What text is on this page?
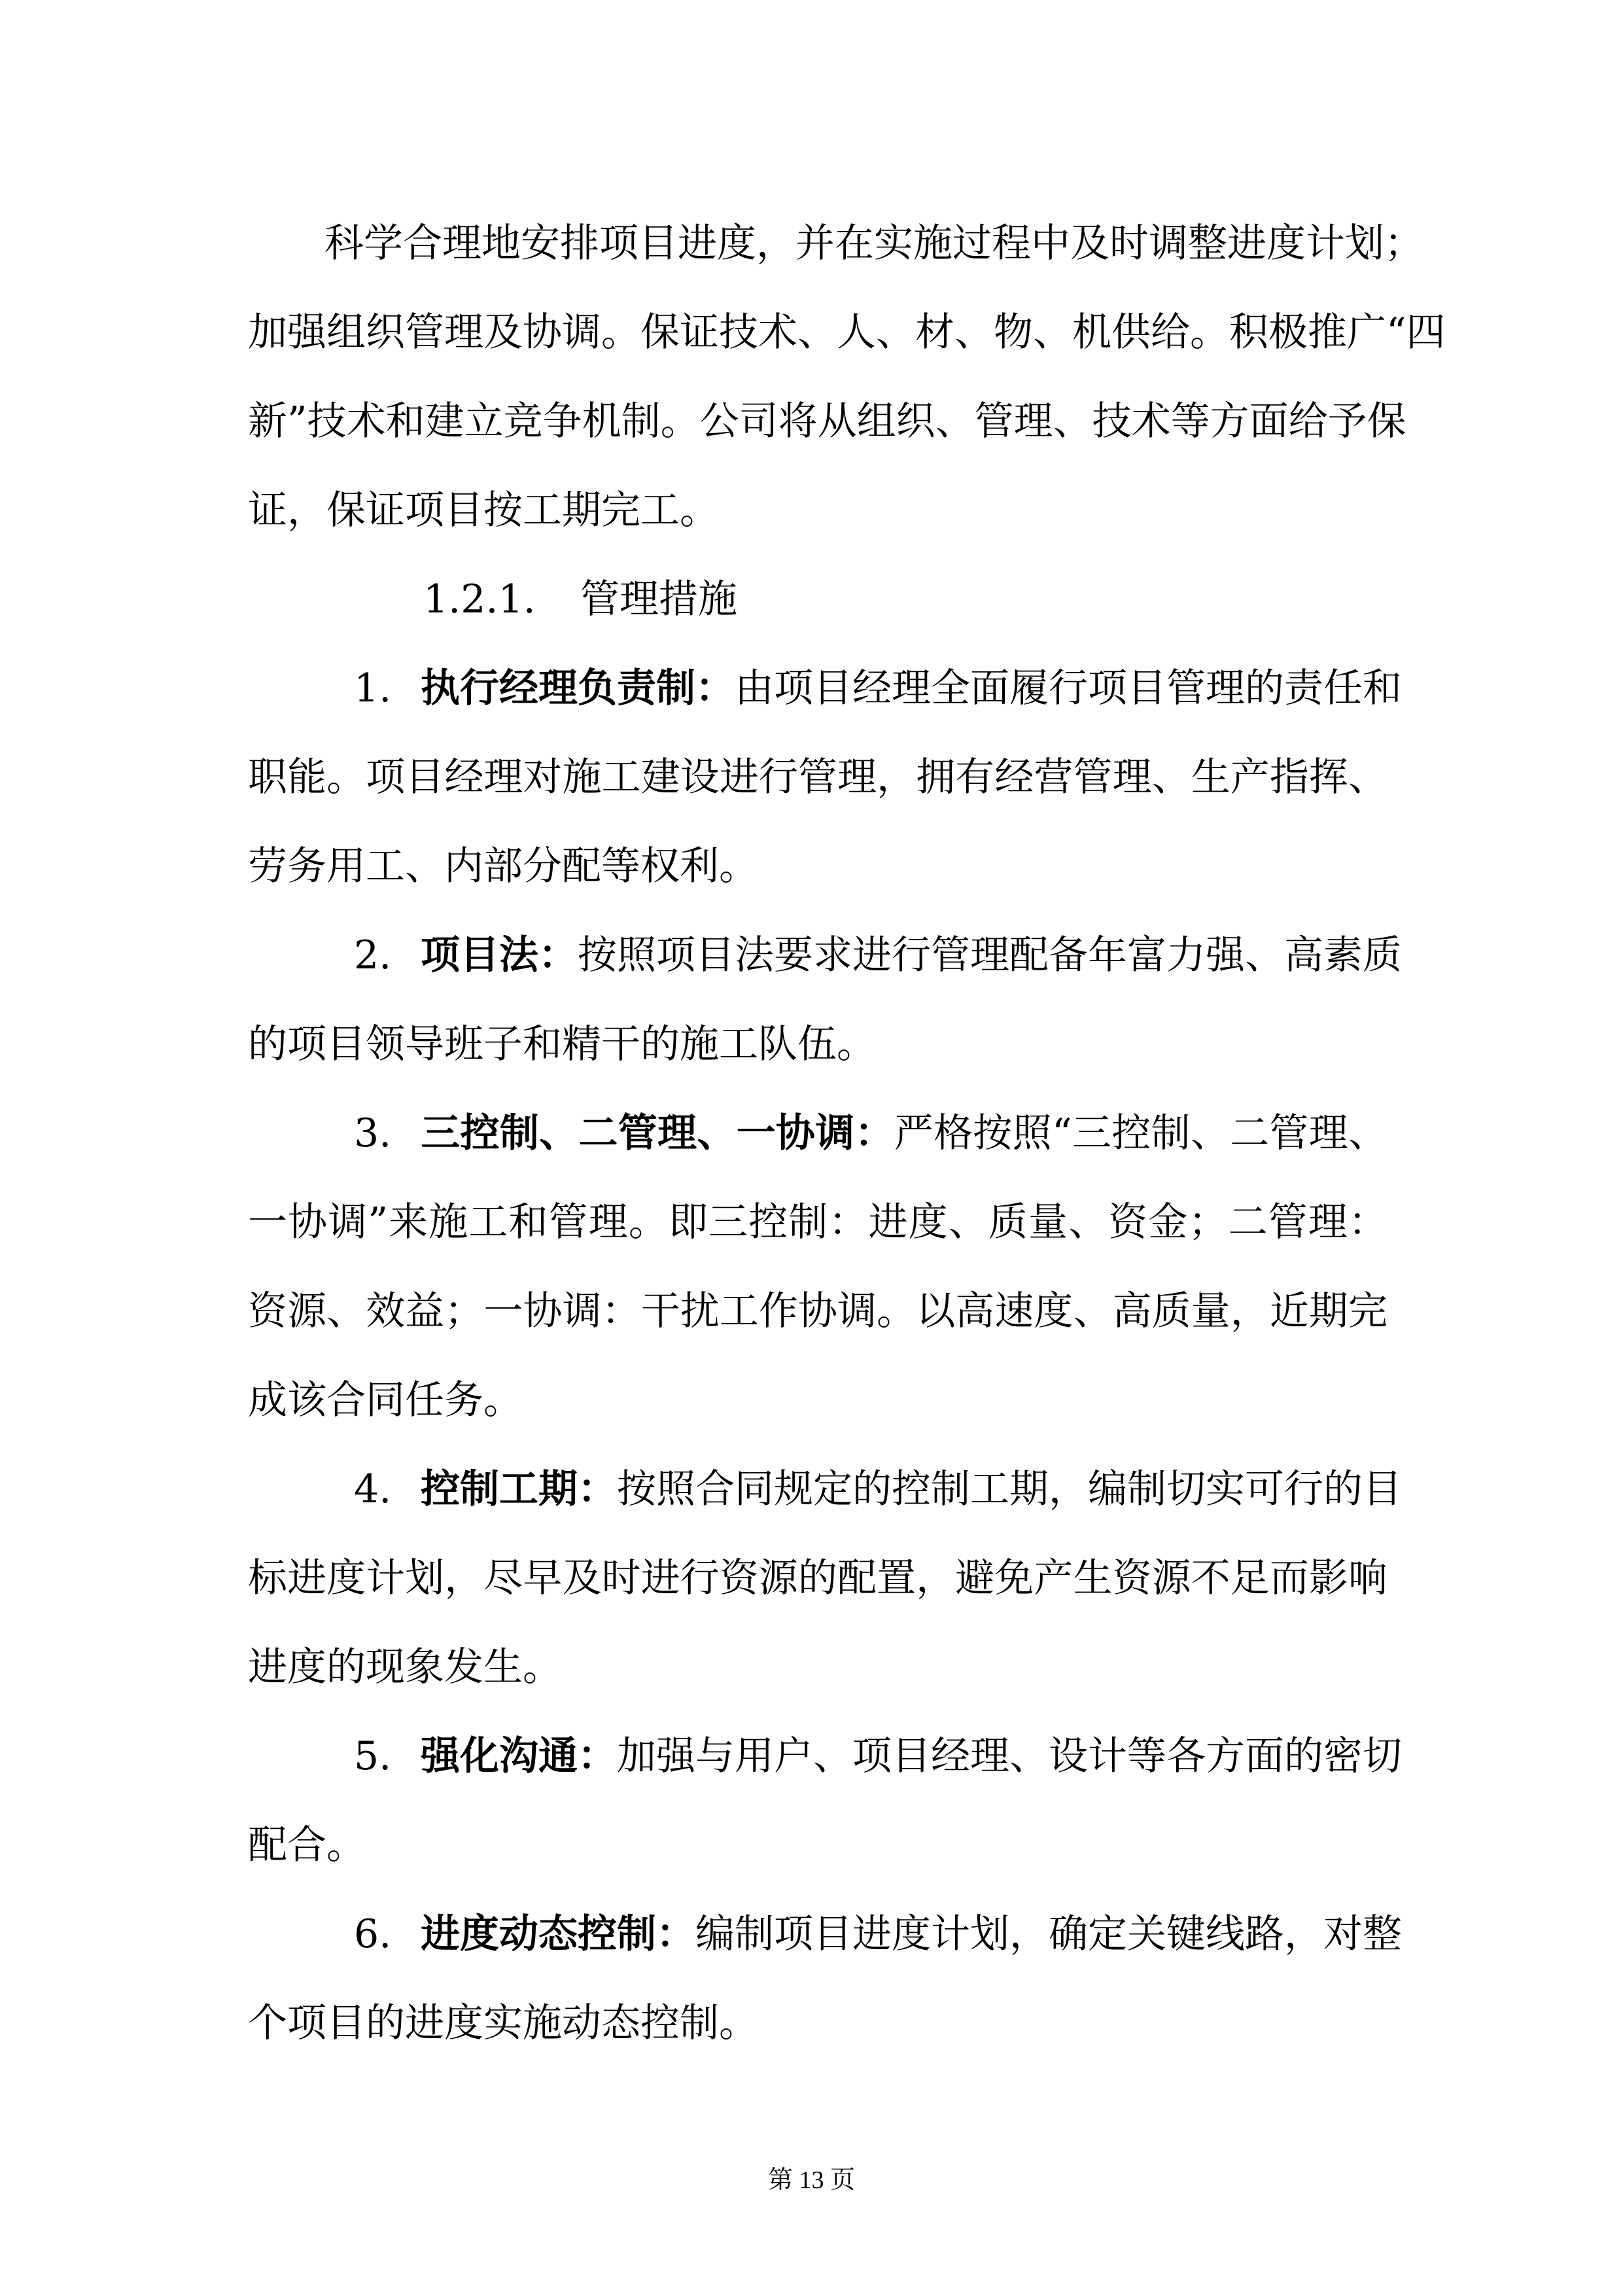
科学合理地安排项目进度，并在实施过程中及时调整进度计划；
加强组织管理及协调。保证技术、人、材、物、机供给。积极推广“四
新”技术和建立竞争机制。公司将从组织、管理、技术等方面给予保
证，保证项目按工期完工。
1.2.1. 管理措施
1. 执行经理负责制：由项目经理全面履行项目管理的责任和
职能。项目经理对施工建设进行管理，拥有经营管理、生产指挥、
劳务用工、内部分配等权利。
2. 项目法：按照项目法要求进行管理配备年富力强、高素质
的项目领导班子和精干的施工队伍。
3. 三控制、二管理、一协调：严格按照“三控制、二管理、
一协调”来施工和管理。即三控制：进度、质量、资金；二管理：
资源、效益；一协调：干扰工作协调。以高速度、高质量，近期完
成该合同任务。
4. 控制工期：按照合同规定的控制工期，编制切实可行的目
标进度计划，尽早及时进行资源的配置，避免产生资源不足而影响
进度的现象发生。
5. 强化沟通：加强与用户、项目经理、设计等各方面的密切
配合。
6. 进度动态控制：编制项目进度计划，确定关键线路，对整
个项目的进度实施动态控制。
第 13 页
